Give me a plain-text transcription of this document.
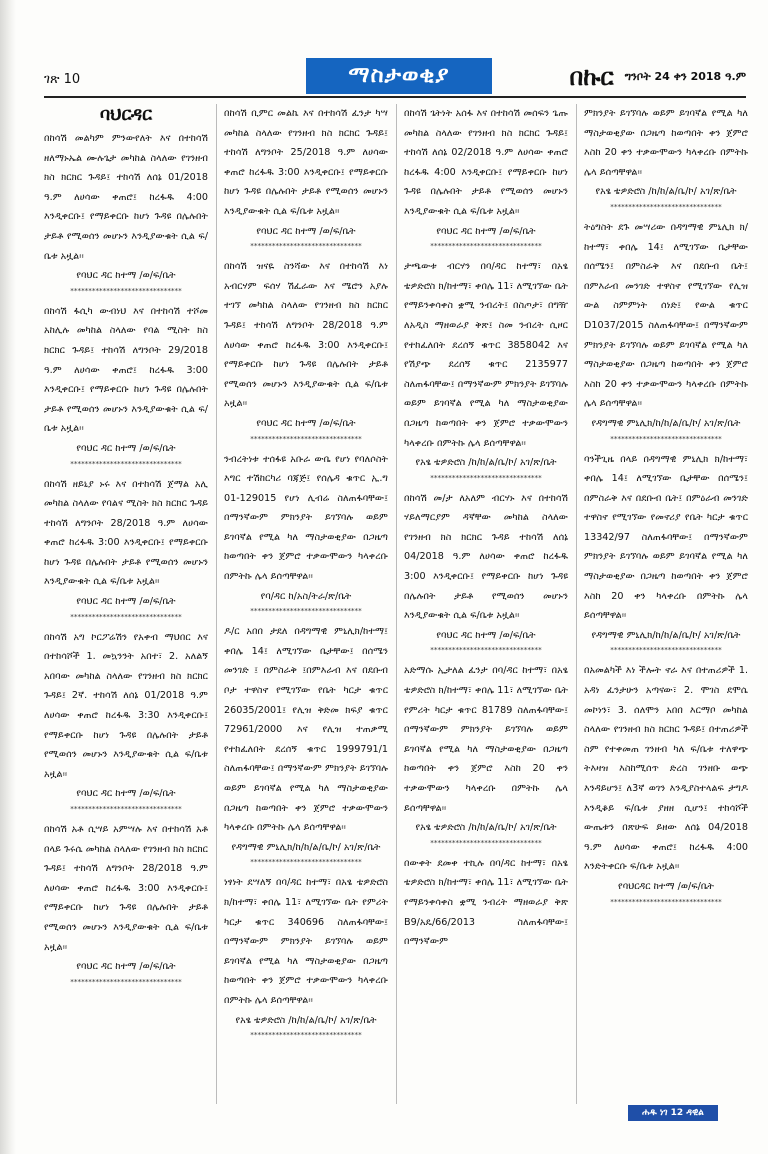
ገጽ 10	ማስታወቂያ	በኩር ግንቦት 24 ቀን 2018 ዓ.ም
ባህርዳር

በከሳሽ መልካም ምንውየለት እና በተከሳሽ ዘለማኑኤል ሙሉጌታ መካከል ስላለው የገንዘብ ክስ ክርክር ጉዳይ፤ ተከሳሽ ለሰኔ 01/2018 ዓ.ም ለሀሳው ቀጠሮ፤ ከረፋዱ 4:00 እንዲቀርቡ፤ የማይቀርቡ ከሆነ ጉዳዩ በሌሉበት ታይቶ የሚወሰን መሆኑን እንዲያውቁት ሲል ፍ/ቤቱ አዟል፡፡

የባህር ዳር ከተማ /ወ/ፍ/ቤት

*******************************

በከሳሽ ፋሲካ ውብነህ እና በተከሳሽ ተሾመ አከሊሉ መካከል ስላለው የባል ሚስት ክስ ክርክር ጉዳይ፤ ተከሳሽ ለግንቦት 29/2018 ዓ.ም ለሀሳው ቀጠሮ፤ ከረፋዱ 3:00 እንዲቀርቡ፤ የማይቀርቡ ከሆነ ጉዳዩ በሌሉበት ታይቶ የሚወሰን መሆኑን እንዲያውቁት ሲል ፍ/ቤቱ አዟል፡፡

የባህር ዳር ከተማ /ወ/ፍ/ቤት

*******************************

በከሳሽ ዘይኒያ ኑሩ እና በተከሳሽ ጀማል አሊ መካከል ስላለው የባልና ሚስት ክስ ክርክር ጉዳይ ተከሳሽ ለግንቦት 28/2018 ዓ.ም ለሀሳው ቀጠሮ ከረፋዱ 3:00 እንዲቀርቡ፤ የማይቀርቡ ከሆነ ጉዳዩ በሌሉበት ታይቶ የሚወሰን መሆኑን እንዲያውቁት ሲል ፍ/ቤቱ አዟል፡፡

የባህር ዳር ከተማ /ወ/ፍ/ቤት

*******************************

በከሳሽ አግ ኮርፖሬሽን የአቀብ ማህበር እና በተከሳሾች 1. መኳንንት አበተ፣ 2. አለልኝ አበባው መካከል ስላለው የገንዘብ ክስ ክርክር ጉዳይ፤ 2ኛ. ተከሳሽ ለሰኔ 01/2018 ዓ.ም ለሀሳው ቀጠሮ ከረፋዱ 3:30 እንዲቀርቡ፤ የማይቀርቡ ከሆነ ጉዳዩ በሌሉበት ታይቶ የሚወሰን መሆኑን እንዲያውቁት ሲል ፍ/ቤቱ አዟል፡፡

የባህር ዳር ከተማ /ወ/ፍ/ቤት

*******************************

በከሳሽ አቶ ሲሣይ አምሣሉ እና በተከሳሽ አቶ በላይ ጉሩሴ መካከል ስላለው የገንዘብ ክስ ክርክር ጉዳይ፤ ተከሳሽ ለግንቦት 28/2018 ዓ.ም ለሀሳው ቀጠሮ ከረፋዱ 3:00 እንዲቀርቡ፤ የማይቀርቡ ከሆነ ጉዳዩ በሌሉበት ታይቶ የሚወሰን መሆኑን እንዲያውቁት ሲል ፍ/ቤቱ አዟል፡፡

የባህር ዳር ከተማ /ወ/ፍ/ቤት

*******************************

በከሳሽ ቢምር መልኬ እና በተከሳሽ ፈንታ ካሣ መካከል ስላለው የገንዘብ ክስ ክርክር ጉዳይ፤ ተከሳሽ ለግንቦት 25/2018 ዓ.ም ለሀሳው ቀጠሮ ከረፋዱ 3:00 እንዲቀርቡ፤ የማይቀርቡ ከሆነ ጉዳዩ በሌሉበት ታይቶ የሚወሰን መሆኑን እንዲያውቁት ሲል ፍ/ቤቱ አዟል፡፡

የባህር ዳር ከተማ /ወ/ፍ/ቤት

*******************************

በከሳሽ ዝናዬ ስንሻው እና በተከሳሽ እነ አብርሃም ፍሰሃ ሽፈራው እና ሜሮን አያሉ ተገኘ መካከል ስላለው የገንዘብ ክስ ክርክር ጉዳይ፤ ተከሳሽ ለግንቦት 28/2018 ዓ.ም ለሀሳው ቀጠሮ ከረፋዱ 3:00 እንዲቀርቡ፤ የማይቀርቡ ከሆነ ጉዳዩ በሌሉበት ታይቶ የሚወሰን መሆኑን እንዲያውቁት ሲል ፍ/ቤቱ አዟል፡፡

የባህር ዳር ከተማ /ወ/ፍ/ቤት

*******************************

ንብረትነቱ ተሰፋዩ አቡራ ውቤ የሆነ የባለሶስት እግር ተሽከርካሪ ባጃጅ፤ የሰሌዳ ቁጥር ኢ.ግ 01-129015 የሆነ ሊብሬ ስለጠፋባቸው፤ በማንኛውም ምክንያት ይገኘባሉ ወይም ይገባኛል የሚል ካለ ማስታወቂያው በጋዜጣ ከወጣበት ቀን ጀምሮ ተቃውሞውን ካላቀረቡ በምትኩ ሌላ ይሰጣቸዋል፡፡

የባ/ዳር ከ/አስ/ትራ/ጽ/ቤት

*******************************

ዶ/ር አበበ ታደለ በዳግማዊ ምኒሊክ/ከተማ፤ ቀበሌ 14፤ ለሚገኘው ቤታቸው፤ በሰሜን መንገድ ፤ በምስራቅ ፤በምእራብ እና በደቡብ ቦታ ተዋስኖ የሚገኘው የቤት ካርታ ቁጥር 26035/2001፤ የሊዝ ቅድመ ክፍያ ቁጥር 72961/2000 እና የሊዝ ተጠቃሚ የተከፈለበት ደረሰኝ ቁጥር 1999791/1 ስለጠፋባቸው፤ በማንኛውም ምክንያት ይገኘባሉ ወይም ይገባኛል የሚል ካለ ማስታወቂያው በጋዜጣ ከወጣበት ቀን ጀምሮ ተቃውሞውን ካላቀረቡ በምትኩ ሌላ ይሰጣቸዋል፡፡

የዳግማዊ ምኒሊክ/ከ/ከ/ል/ቤ/ኮ/ አገ/ጽ/ቤት

*******************************

ነፃነት ደሣለኝ በባ/ዳር ከተማ፣ በአፄ ቴዎድሮስ ክ/ከተማ፣ ቀበሌ 11፣ ለሚገኘው ቤት የምሪት ካርታ ቁጥር 340696 ስለጠፋባቸው፤ በማንኛውም ምክንያት ይገኘባሉ ወይም ይገባኛል የሚል ካለ ማስታወቂያው በጋዜጣ ከወጣበት ቀን ጀምሮ ተቃውሞውን ካላቀረቡ በምትኩ ሌላ ይሰጣቸዋል፡፡

የአፄ ቴዎድሮስ /ከ/ከ/ል/ቤ/ኮ/ አገ/ጽ/ቤት

*******************************

በከሳሽ ጌትነት አሰፋ እና በተከሳሽ መሰፍን ጌጡ መካከል ስላለው የገንዘብ ክስ ክርክር ጉዳይ፤ ተከሳሽ ለሰኔ 02/2018 ዓ.ም ለሀሳው ቀጠሮ ከረፋዱ 4:00 እንዲቀርቡ፤ የማይቀርቡ ከሆነ ጉዳዩ በሌሉበት ታይቶ የሚወሰን መሆኑን እንዲያውቁት ሲል ፍ/ቤቱ አዟል፡፡

የባህር ዳር ከተማ /ወ/ፍ/ቤት

*******************************

ታጫውቱ ብርሃን በባ/ዳር ከተማ፣ በአፄ ቴዎድሮስ ክ/ከተማ፣ ቀበሌ 11፣ ለሚገኘው ቤት የማይንቀሳቀስ ቋሚ ንብረት፤ በስጦታ፣ በግዥ ለአዲስ ማዘወራያ ቅጽ፤ ስመ ንብረት ሲዞር የተከፈለበት ደረሰኝ ቁጥር 3858042 እና የሽያጭ ደረሰኝ ቁጥር 2135977 ስለጠፋባቸው፤ በማንኛውም ምክንያት ይገኘባሉ ወይም ይገባኛል የሚል ካለ ማስታወቂያው በጋዜጣ ከወጣበት ቀን ጀምሮ ተቃውሞውን ካላቀረቡ በምትኩ ሌላ ይሰጣቸዋል፡፡

የአፄ ቴዎድሮስ /ከ/ከ/ል/ቤ/ኮ/ አገ/ጽ/ቤት

*******************************

በከሳሽ መ/ታ ለአለም ብርሃኑ እና በተከሳሽ ሃይለማርያም ዳኛቸው መካከል ስላለው የገንዘብ ክስ ክርክር ጉዳይ ተከሳሽ ለሰኔ 04/2018 ዓ.ም ለሀሳው ቀጠሮ ከረፋዱ 3:00 እንዲቀርቡ፤ የማይቀርቡ ከሆነ ጉዳዩ በሌሉበት ታይቶ የሚወሰን መሆኑን እንዲያውቁት ሲል ፍ/ቤቱ አዟል፡፡

የባህር ዳር ከተማ /ወ/ፍ/ቤት

*******************************

አድማሱ ኢታለል ፈንታ በባ/ዳር ከተማ፣ በአፄ ቴዎድሮስ ክ/ከተማ፣ ቀበሌ 11፣ ለሚገኘው ቤት የምሪት ካርታ ቁጥር 81789 ስለጠፋባቸው፤ በማንኛውም ምክንያት ይገኘባሉ ወይም ይገባኛል የሚል ካለ ማስታወቂያው በጋዜጣ ከወጣበት ቀን ጀምሮ እስከ 20 ቀን ተቃውሞውን ካላቀረቡ በምትኩ ሌላ ይሰጣቸዋል፡፡

የአፄ ቴዎድሮስ /ከ/ከ/ል/ቤ/ኮ/ አገ/ጽ/ቤት

*******************************

በውቀት ደመቀ ተኪሉ በባ/ዳር ከተማ፣ በአፄ ቴዎድሮስ ክ/ከተማ፣ ቀበሌ 11፣ ለሚገኘው ቤት የማይንቀሳቀስ ቋሚ ንብረት ማዘወራያ ቅጽ B9/አዴ/66/2013 ስለጠፋባቸው፤ በማንኛውም

ምክንያት ይገኘባሉ ወይም ይገባኛል የሚል ካለ ማስታወቂያው በጋዜጣ ከወጣበት ቀን ጀምሮ እስከ 20 ቀን ተቃውሞውን ካላቀረቡ በምትኩ ሌላ ይሰጣቸዋል፡፡

የአፄ ቴዎድሮስ /ከ/ከ/ል/ቤ/ኮ/ አገ/ጽ/ቤት

*******************************

ትዕግስት ደጉ መሣሪው በዳግማዊ ምኒሊክ ክ/ከተማ፣ ቀበሌ 14፤ ለሚገኘው ቤታቸው በሰሜን፤ በምስራቅ እና በደቡብ ቤት፤ በምእራብ መንገድ ተዋስኖ የሚገኘው የሊዝ ውል ስምምነት ሰነድ፤ የውል ቁጥር D1037/2015 ስለጠፋባቸው፤ በማንኛውም ምክንያት ይገኘባሉ ወይም ይገባኛል የሚል ካለ ማስታወቂያው በጋዜጣ ከወጣበት ቀን ጀምሮ እስከ 20 ቀን ተቃውሞውን ካላቀረቡ በምትኩ ሌላ ይሰጣቸዋል፡፡

የዳግማዊ ምኒሊክ/ከ/ከ/ል/ቤ/ኮ/ አገ/ጽ/ቤት

*******************************

ባንችጊዜ በላይ በዳግማዊ ምኒሊክ ክ/ከተማ፣ ቀበሌ 14፤ ለሚገኘው ቤታቸው በሰሜን፤ በምስራቅ እና በደቡብ ቤት፤ በምዕራብ መንገድ ተዋስኖ የሚገኘው የመኖሪያ የቤት ካርታ ቁጥር 13342/97 ስለጠፋባቸው፤ በማንኛውም ምክንያት ይገኘባሉ ወይም ይገባኛል የሚል ካለ ማስታወቂያው በጋዜጣ ከወጣበት ቀን ጀምሮ እስከ 20 ቀን ካላቀረቡ በምትኩ ሌላ ይሰጣቸዋል፡፡

የዳግማዊ ምኒሊክ/ከ/ከ/ል/ቤ/ኮ/ አገ/ጽ/ቤት

*******************************

በአመልካች እነ ችሎት ኖራ እና በተጠሪዎች 1. አዳነ ፈንታሁን አጣናው፣ 2. ሞገስ ደሞሴ መኮነን፣ 3. ሰለሞን አበበ እርማቦ መካከል ስላለው የገንዘብ ክስ ክርክር ጉዳይ፤ በተጠሪዎች ስም የተቀመጠ ገንዘብ ካለ ፍ/ቤቱ ተለዋጭ ትእዛዝ እስከሚሰጥ ድረስ ገንዘቡ ወጭ እንዳይሆን፤ ለ3ኛ ወገን እንዲያስተላልፍ ታግዶ እንዲቆይ ፍ/ቤቱ ያዘዘ ሲሆን፤ ተከሳሾች ውጤቱን በጽሁፍ ይዘው ለሰኔ 04/2018 ዓ.ም ለሀሳው ቀጠሮ፤ ከረፋዱ 4:00 እንድትቀርቡ ፍ/ቤቱ አዟል፡፡

የባህርዳር ከተማ /ወ/ፍ/ቤት

*******************************
ሐዱ ነገ 12 ዳዊል
